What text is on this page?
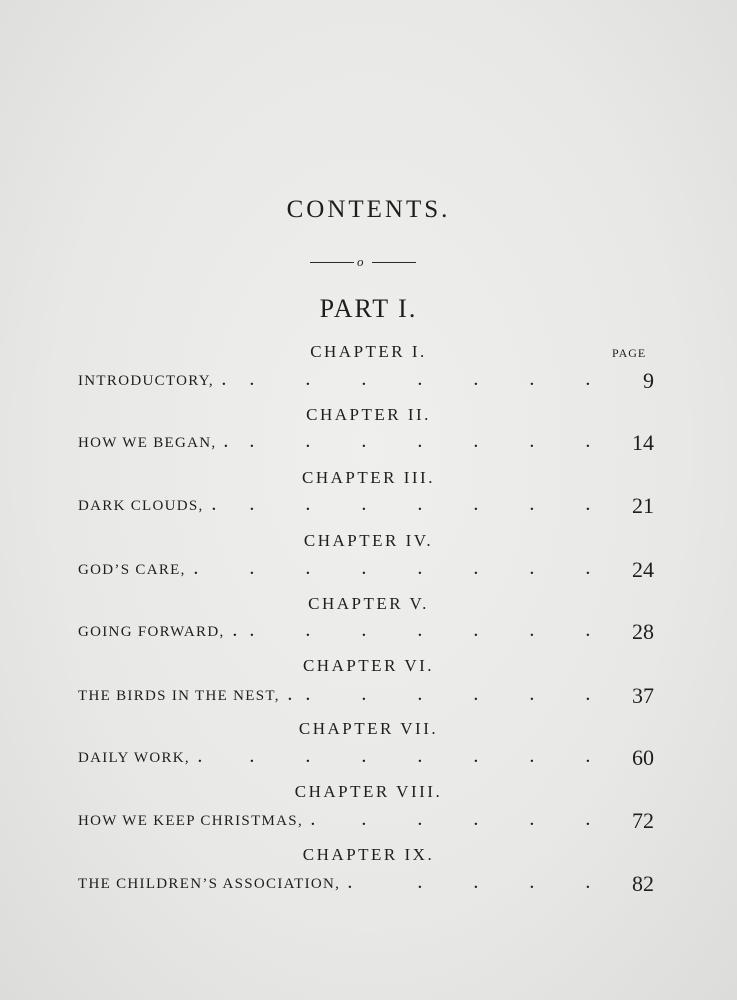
CONTENTS.
o
PART I.
PAGE
CHAPTER I.
INTRODUCTORY,	9
. .	.	.	.	.	.	.
CHAPTER II.
HOW WE BEGAN,	14
. .	.	.	.	.	.	.
CHAPTER III.
DARK CLOUDS,	21
. .	.	.	.	.	.	.
CHAPTER IV.
GOD’S CARE,	24
.	.	.	.	.	.	.	.
CHAPTER V.
GOING FORWARD,	28
. .	.	.	.	.	.	.
CHAPTER VI.
THE BIRDS IN THE NEST,	37
. .	.	.	.	.	.
CHAPTER VII.
DAILY WORK,	60
.	.	.	.	.	.	.	.
CHAPTER VIII.
HOW WE KEEP CHRISTMAS,	72
.	.	.	.	.	.
CHAPTER IX.
THE CHILDREN’S ASSOCIATION,	82
.	.	.	.	.
